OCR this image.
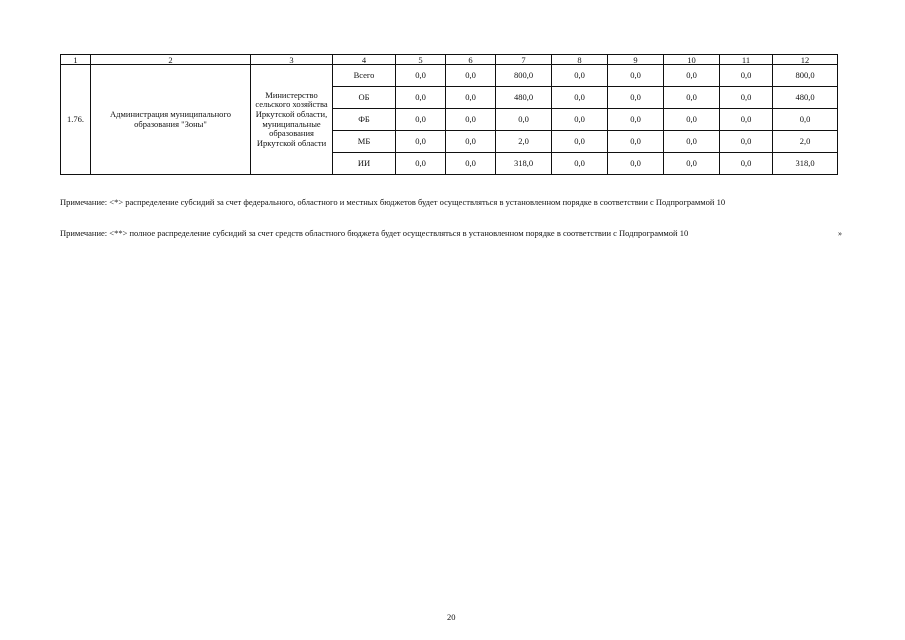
1	2	3	4	5	6	7	8	9	10	11	12
1.76.	Администрация муниципального образования "Зоны"	Министерство сельского хозяйства Иркутской области, муниципальные образования Иркутской области	Всего	0,0	0,0	800,0	0,0	0,0	0,0	0,0	800,0
			ОБ	0,0	0,0	480,0	0,0	0,0	0,0	0,0	480,0
			ФБ	0,0	0,0	0,0	0,0	0,0	0,0	0,0	0,0
			МБ	0,0	0,0	2,0	0,0	0,0	0,0	0,0	2,0
			ИИ	0,0	0,0	318,0	0,0	0,0	0,0	0,0	318,0
Примечание: <*> распределение субсидий за счет федерального, областного и местных бюджетов будет осуществляться в установленном порядке в соответствии с Подпрограммой 10
Примечание: <**> полное распределение субсидий за счет средств областного бюджета будет осуществляться в установленном порядке в соответствии с Подпрограммой 10	»
20
